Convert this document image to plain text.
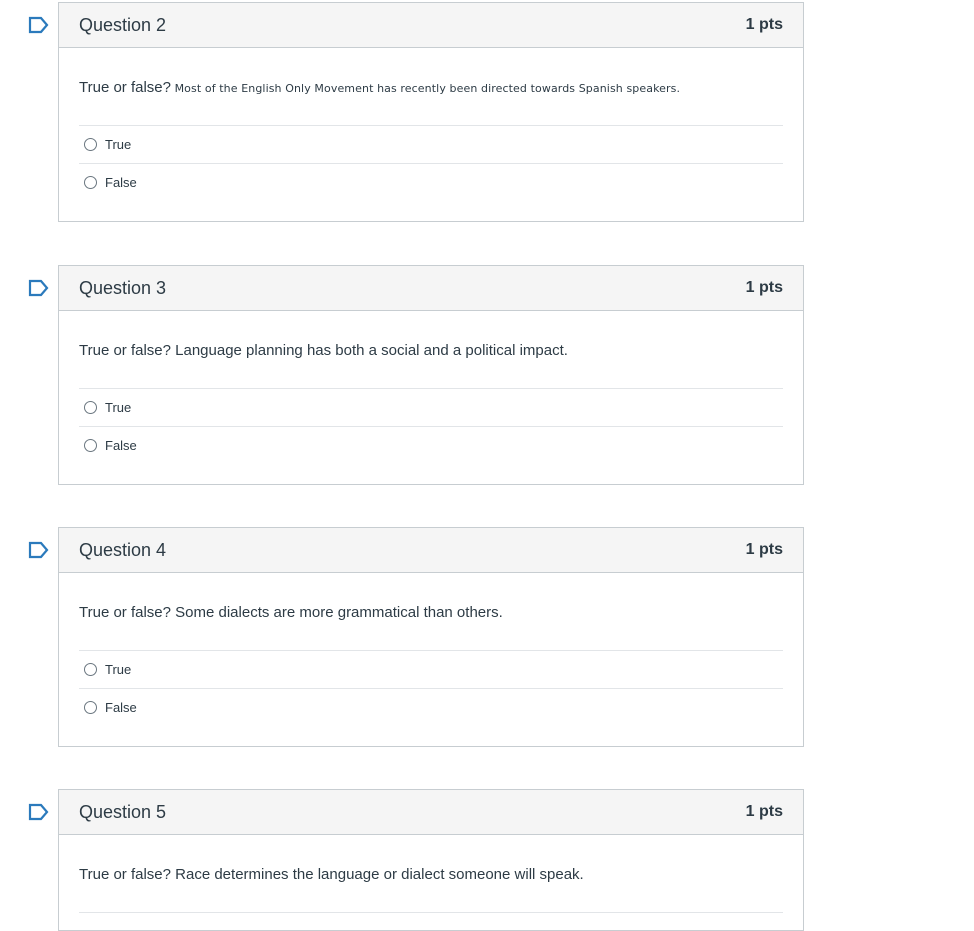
Question 2	1 pts
True or false? Most of the English Only Movement has recently been directed towards Spanish speakers.
True
False
Question 3	1 pts
True or false? Language planning has both a social and a political impact.
True
False
Question 4	1 pts
True or false? Some dialects are more grammatical than others.
True
False
Question 5	1 pts
True or false? Race determines the language or dialect someone will speak.
